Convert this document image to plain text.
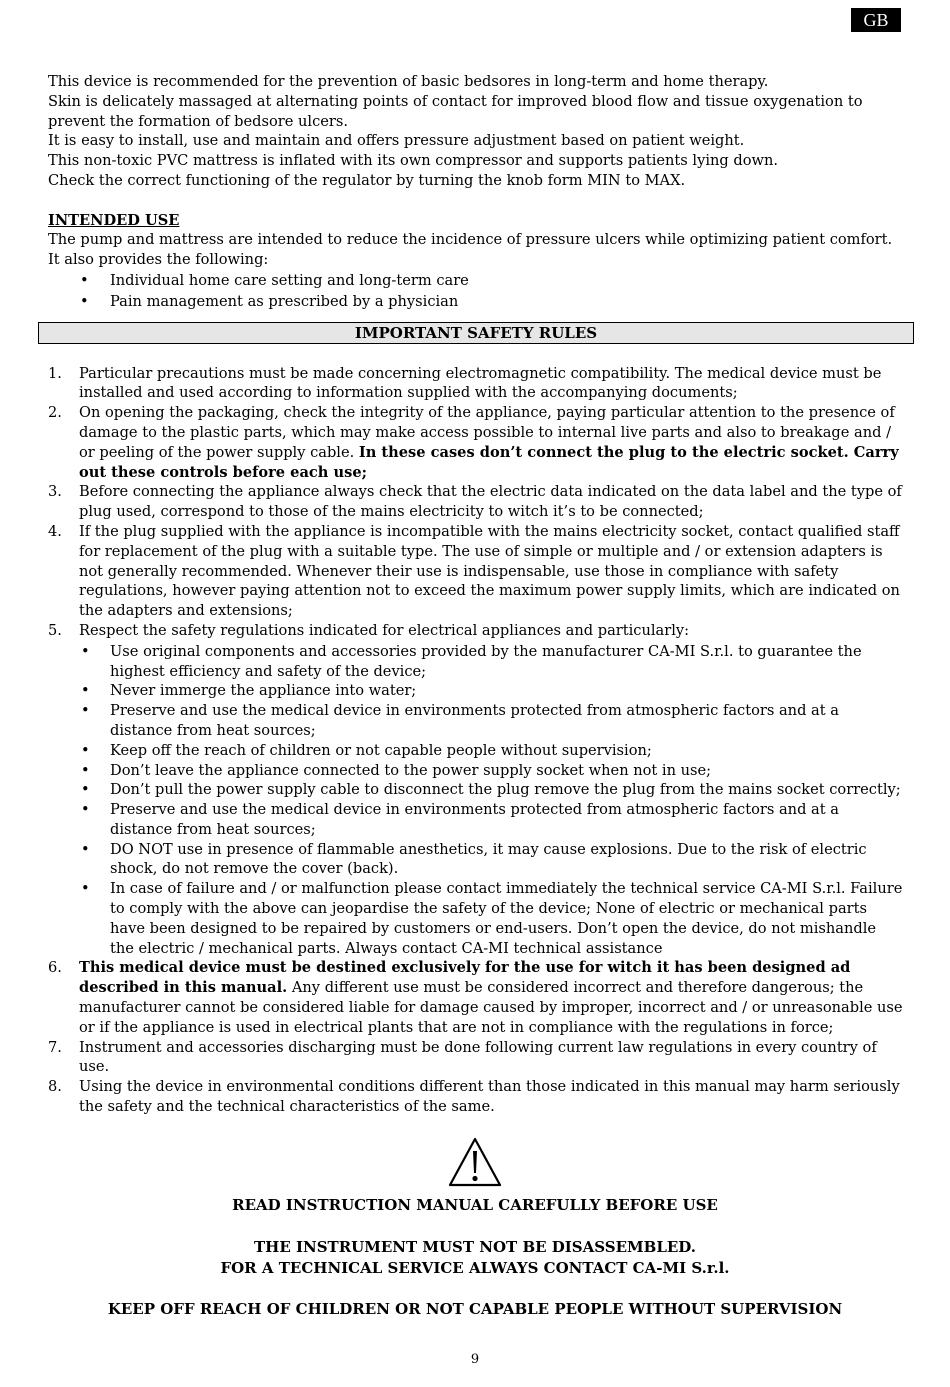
GB

This device is recommended for the prevention of basic bedsores in long-term and home therapy.

Skin is delicately massaged at alternating points of contact for improved blood flow and tissue oxygenation to prevent the formation of bedsore ulcers.

It is easy to install, use and maintain and offers pressure adjustment based on patient weight.

This non-toxic PVC mattress is inflated with its own compressor and supports patients lying down.

Check the correct functioning of the regulator by turning the knob form MIN to MAX.

INTENDED USE

The pump and mattress are intended to reduce the incidence of pressure ulcers while optimizing patient comfort.

It also provides the following:

• Individual home care setting and long-term care
• Pain management as prescribed by a physician
IMPORTANT SAFETY RULES
1. Particular precautions must be made concerning electromagnetic compatibility. The medical device must be installed and used according to information supplied with the accompanying documents;
2. On opening the packaging, check the integrity of the appliance, paying particular attention to the presence of damage to the plastic parts, which may make access possible to internal live parts and also to breakage and / or peeling of the power supply cable. In these cases don’t connect the plug to the electric socket. Carry out these controls before each use;
3. Before connecting the appliance always check that the electric data indicated on the data label and the type of plug used, correspond to those of the mains electricity to witch it’s to be connected;
4. If the plug supplied with the appliance is incompatible with the mains electricity socket, contact qualified staff for replacement of the plug with a suitable type. The use of simple or multiple and / or extension adapters is not generally recommended. Whenever their use is indispensable, use those in compliance with safety regulations, however paying attention not to exceed the maximum power supply limits, which are indicated on the adapters and extensions;
5. Respect the safety regulations indicated for electrical appliances and particularly:
• Use original components and accessories provided by the manufacturer CA-MI S.r.l. to guarantee the highest efficiency and safety of the device;
• Never immerge the appliance into water;
• Preserve and use the medical device in environments protected from atmospheric factors and at a distance from heat sources;
• Keep off the reach of children or not capable people without supervision;
• Don’t leave the appliance connected to the power supply socket when not in use;
• Don’t pull the power supply cable to disconnect the plug remove the plug from the mains socket correctly;
• Preserve and use the medical device in environments protected from atmospheric factors and at a distance from heat sources;
• DO NOT use in presence of flammable anesthetics, it may cause explosions. Due to the risk of electric shock, do not remove the cover (back).
• In case of failure and / or malfunction please contact immediately the technical service CA-MI S.r.l. Failure to comply with the above can jeopardise the safety of the device; None of electric or mechanical parts have been designed to be repaired by customers or end-users. Don’t open the device, do not mishandle the electric / mechanical parts. Always contact CA-MI technical assistance
6. This medical device must be destined exclusively for the use for witch it has been designed ad described in this manual. Any different use must be considered incorrect and therefore dangerous; the manufacturer cannot be considered liable for damage caused by improper, incorrect and / or unreasonable use or if the appliance is used in electrical plants that are not in compliance with the regulations in force;
7. Instrument and accessories discharging must be done following current law regulations in every country of use.
8. Using the device in environmental conditions different than those indicated in this manual may harm seriously the safety and the technical characteristics of the same.
READ INSTRUCTION MANUAL CAREFULLY BEFORE USE
THE INSTRUMENT MUST NOT BE DISASSEMBLED.
FOR A TECHNICAL SERVICE ALWAYS CONTACT CA-MI S.r.l.
KEEP OFF REACH OF CHILDREN OR NOT CAPABLE PEOPLE WITHOUT SUPERVISION
9
